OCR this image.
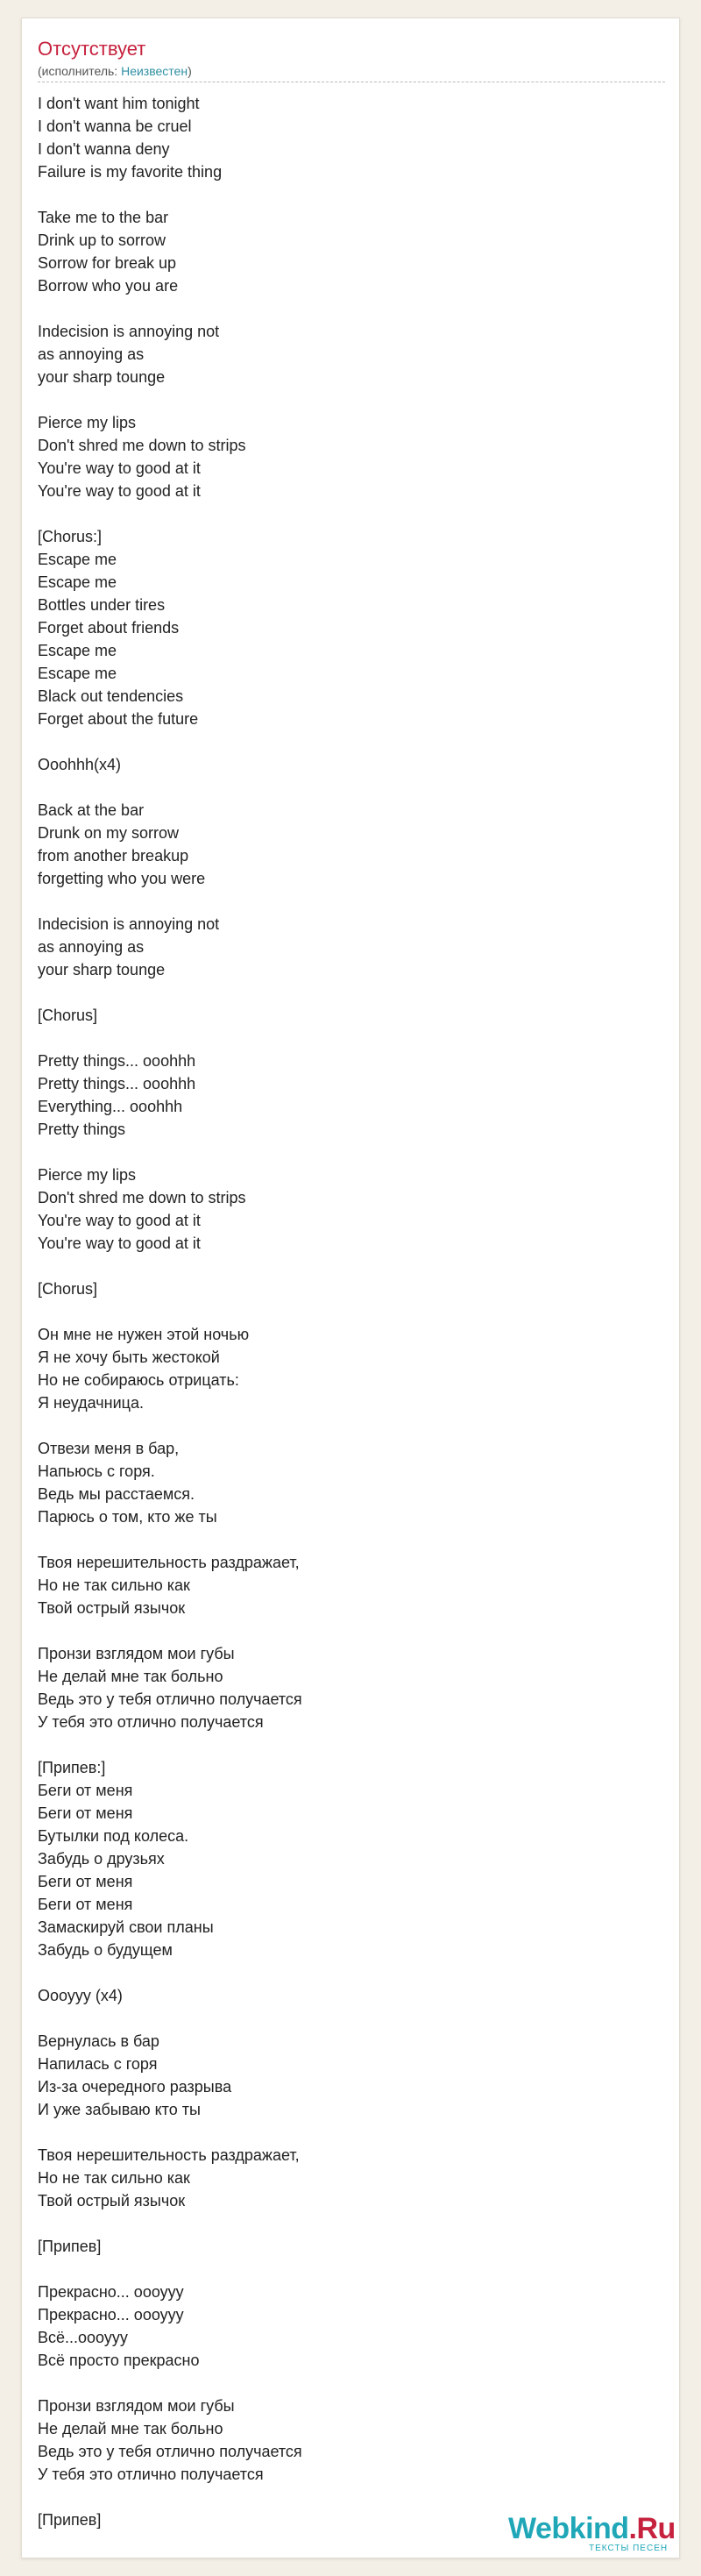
Отсутствует
(исполнитель: Неизвестен)
I don't want him tonight
I don't wanna be cruel
I don't wanna deny
Failure is my favorite thing
Take me to the bar
Drink up to sorrow
Sorrow for break up
Borrow who you are
Indecision is annoying not
as annoying as
your sharp tounge
Pierce my lips
Don't shred me down to strips
You're way to good at it
You're way to good at it
[Chorus:]
Escape me
Escape me
Bottles under tires
Forget about friends
Escape me
Escape me
Black out tendencies
Forget about the future
Ooohhh(x4)
Back at the bar
Drunk on my sorrow
from another breakup
forgetting who you were
Indecision is annoying not
as annoying as
your sharp tounge
[Chorus]
Pretty things... ooohhh
Pretty things... ooohhh
Everything... ooohhh
Pretty things
Pierce my lips
Don't shred me down to strips
You're way to good at it
You're way to good at it
[Chorus]
Он мне не нужен этой ночью
Я не хочу быть жестокой
Но не собираюсь отрицать:
Я неудачница.
Отвези меня в бар,
Напьюсь с горя.
Ведь мы расстаемся.
Парюсь о том, кто же ты
Твоя нерешительность раздражает,
Но не так сильно как
Твой острый язычок
Пронзи взглядом мои губы
Не делай мне так больно
Ведь это у тебя отлично получается
У тебя это отлично получается
[Припев:]
Беги от меня
Беги от меня
Бутылки под колеса.
Забудь о друзьях
Беги от меня
Беги от меня
Замаскируй свои планы
Забудь о будущем
Оооууу (x4)
Вернулась в бар
Напилась с горя
Из-за очередного разрыва
И уже забываю кто ты
Твоя нерешительность раздражает,
Но не так сильно как
Твой острый язычок
[Припев]
Прекрасно... оооууу
Прекрасно... оооууу
Всё...оооууу
Всё просто прекрасно
Пронзи взглядом мои губы
Не делай мне так больно
Ведь это у тебя отлично получается
У тебя это отлично получается
[Припев]	Webkind.Ru
ТЕКСТЫ ПЕСЕН
